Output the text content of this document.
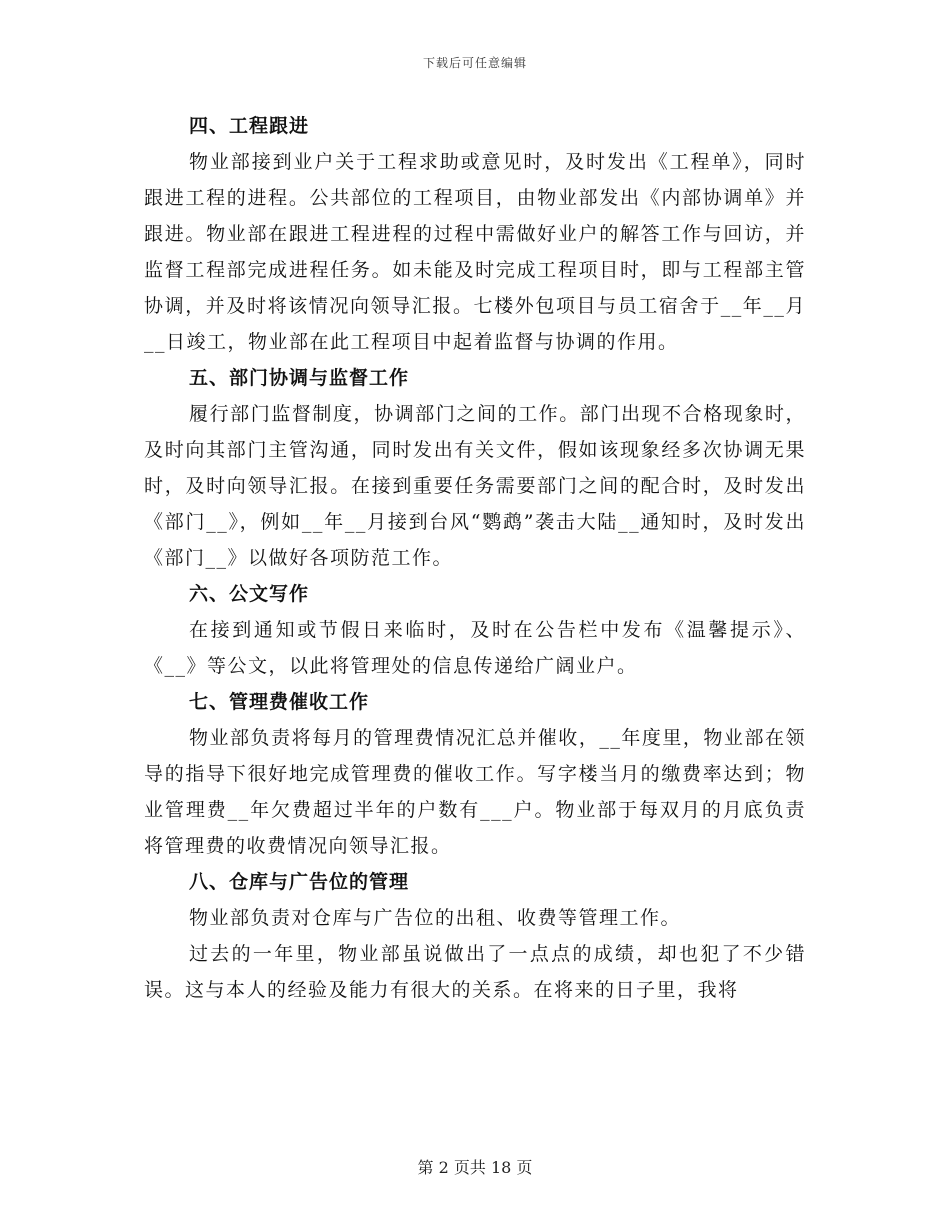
下载后可任意编辑

四、工程跟进

物业部接到业户关于工程求助或意见时，及时发出《工程单》，同时跟进工程的进程。公共部位的工程项目，由物业部发出《内部协调单》并跟进。物业部在跟进工程进程的过程中需做好业户的解答工作与回访，并监督工程部完成进程任务。如未能及时完成工程项目时，即与工程部主管协调，并及时将该情况向领导汇报。七楼外包项目与员工宿舍于__年__月__日竣工，物业部在此工程项目中起着监督与协调的作用。

五、部门协调与监督工作

履行部门监督制度，协调部门之间的工作。部门出现不合格现象时，及时向其部门主管沟通，同时发出有关文件，假如该现象经多次协调无果时，及时向领导汇报。在接到重要任务需要部门之间的配合时，及时发出《部门__》，例如__年__月接到台风“鹦鹉”袭击大陆__通知时，及时发出《部门__》以做好各项防范工作。

六、公文写作

在接到通知或节假日来临时，及时在公告栏中发布《温馨提示》、《__》等公文，以此将管理处的信息传递给广阔业户。

七、管理费催收工作

物业部负责将每月的管理费情况汇总并催收，__年度里，物业部在领导的指导下很好地完成管理费的催收工作。写字楼当月的缴费率达到；物业管理费__年欠费超过半年的户数有___户。物业部于每双月的月底负责将管理费的收费情况向领导汇报。

八、仓库与广告位的管理

物业部负责对仓库与广告位的出租、收费等管理工作。

过去的一年里，物业部虽说做出了一点点的成绩，却也犯了不少错误。这与本人的经验及能力有很大的关系。在将来的日子里，我将

第 2 页共 18 页
